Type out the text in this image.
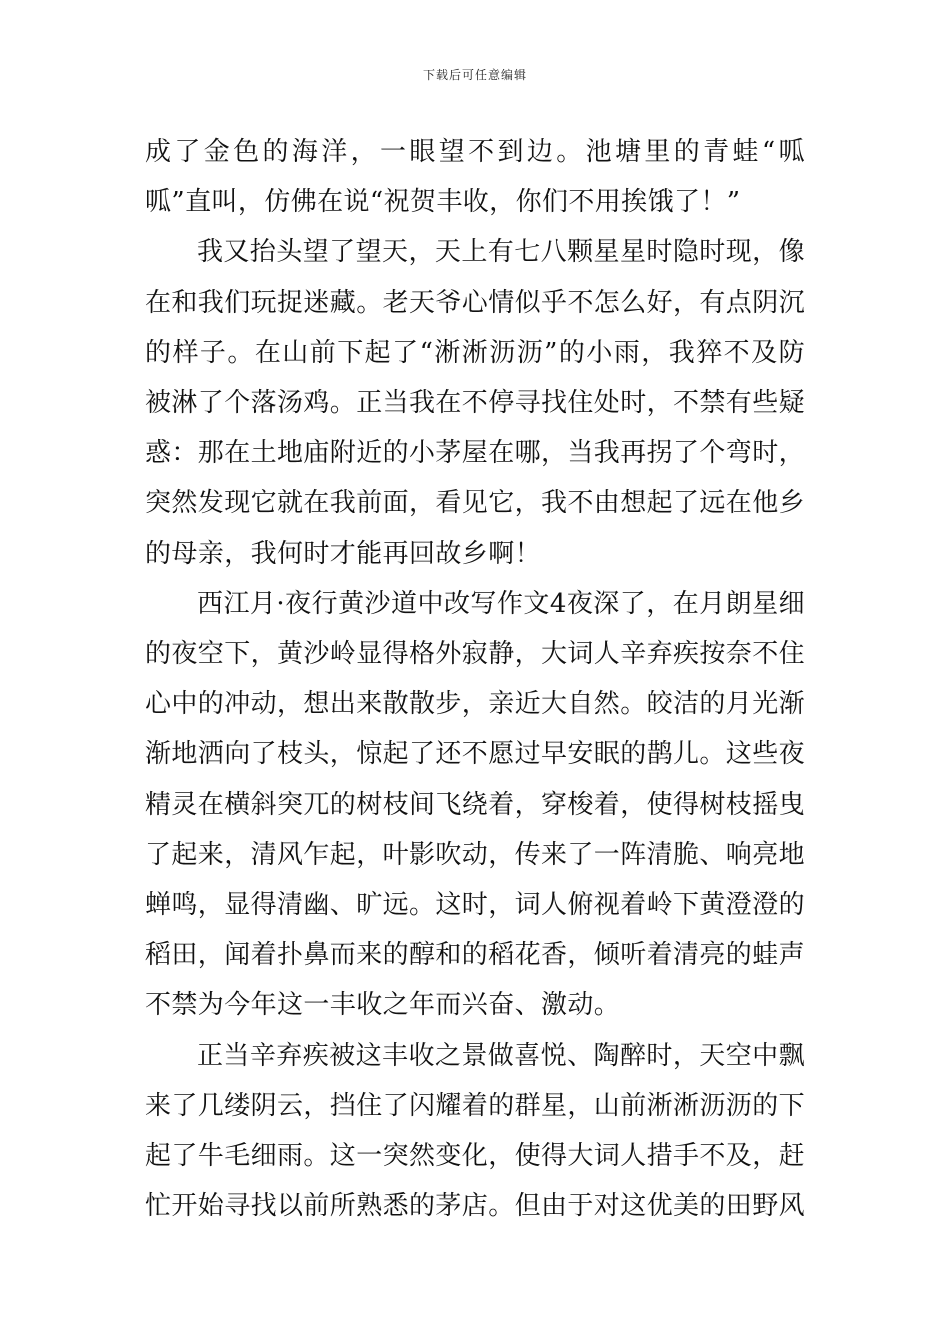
下载后可任意编辑

成了金色的海洋，一眼望不到边。池塘里的青蛙“呱呱”直叫，仿佛在说“祝贺丰收，你们不用挨饿了！”

我又抬头望了望天，天上有七八颗星星时隐时现，像在和我们玩捉迷藏。老天爷心情似乎不怎么好，有点阴沉的样子。在山前下起了“淅淅沥沥”的小雨，我猝不及防被淋了个落汤鸡。正当我在不停寻找住处时，不禁有些疑惑：那在土地庙附近的小茅屋在哪，当我再拐了个弯时，突然发现它就在我前面，看见它，我不由想起了远在他乡的母亲，我何时才能再回故乡啊！

西江月·夜行黄沙道中改写作文4夜深了，在月朗星细的夜空下，黄沙岭显得格外寂静，大词人辛弃疾按奈不住心中的冲动，想出来散散步，亲近大自然。皎洁的月光渐渐地洒向了枝头，惊起了还不愿过早安眠的鹊儿。这些夜精灵在横斜突兀的树枝间飞绕着，穿梭着，使得树枝摇曳了起来，清风乍起，叶影吹动，传来了一阵清脆、响亮地蝉鸣，显得清幽、旷远。这时，词人俯视着岭下黄澄澄的稻田，闻着扑鼻而来的醇和的稻花香，倾听着清亮的蛙声不禁为今年这一丰收之年而兴奋、激动。

正当辛弃疾被这丰收之景做喜悦、陶醉时，天空中飘来了几缕阴云，挡住了闪耀着的群星，山前淅淅沥沥的下起了牛毛细雨。这一突然变化，使得大词人措手不及，赶忙开始寻找以前所熟悉的茅店。但由于对这优美的田野风
